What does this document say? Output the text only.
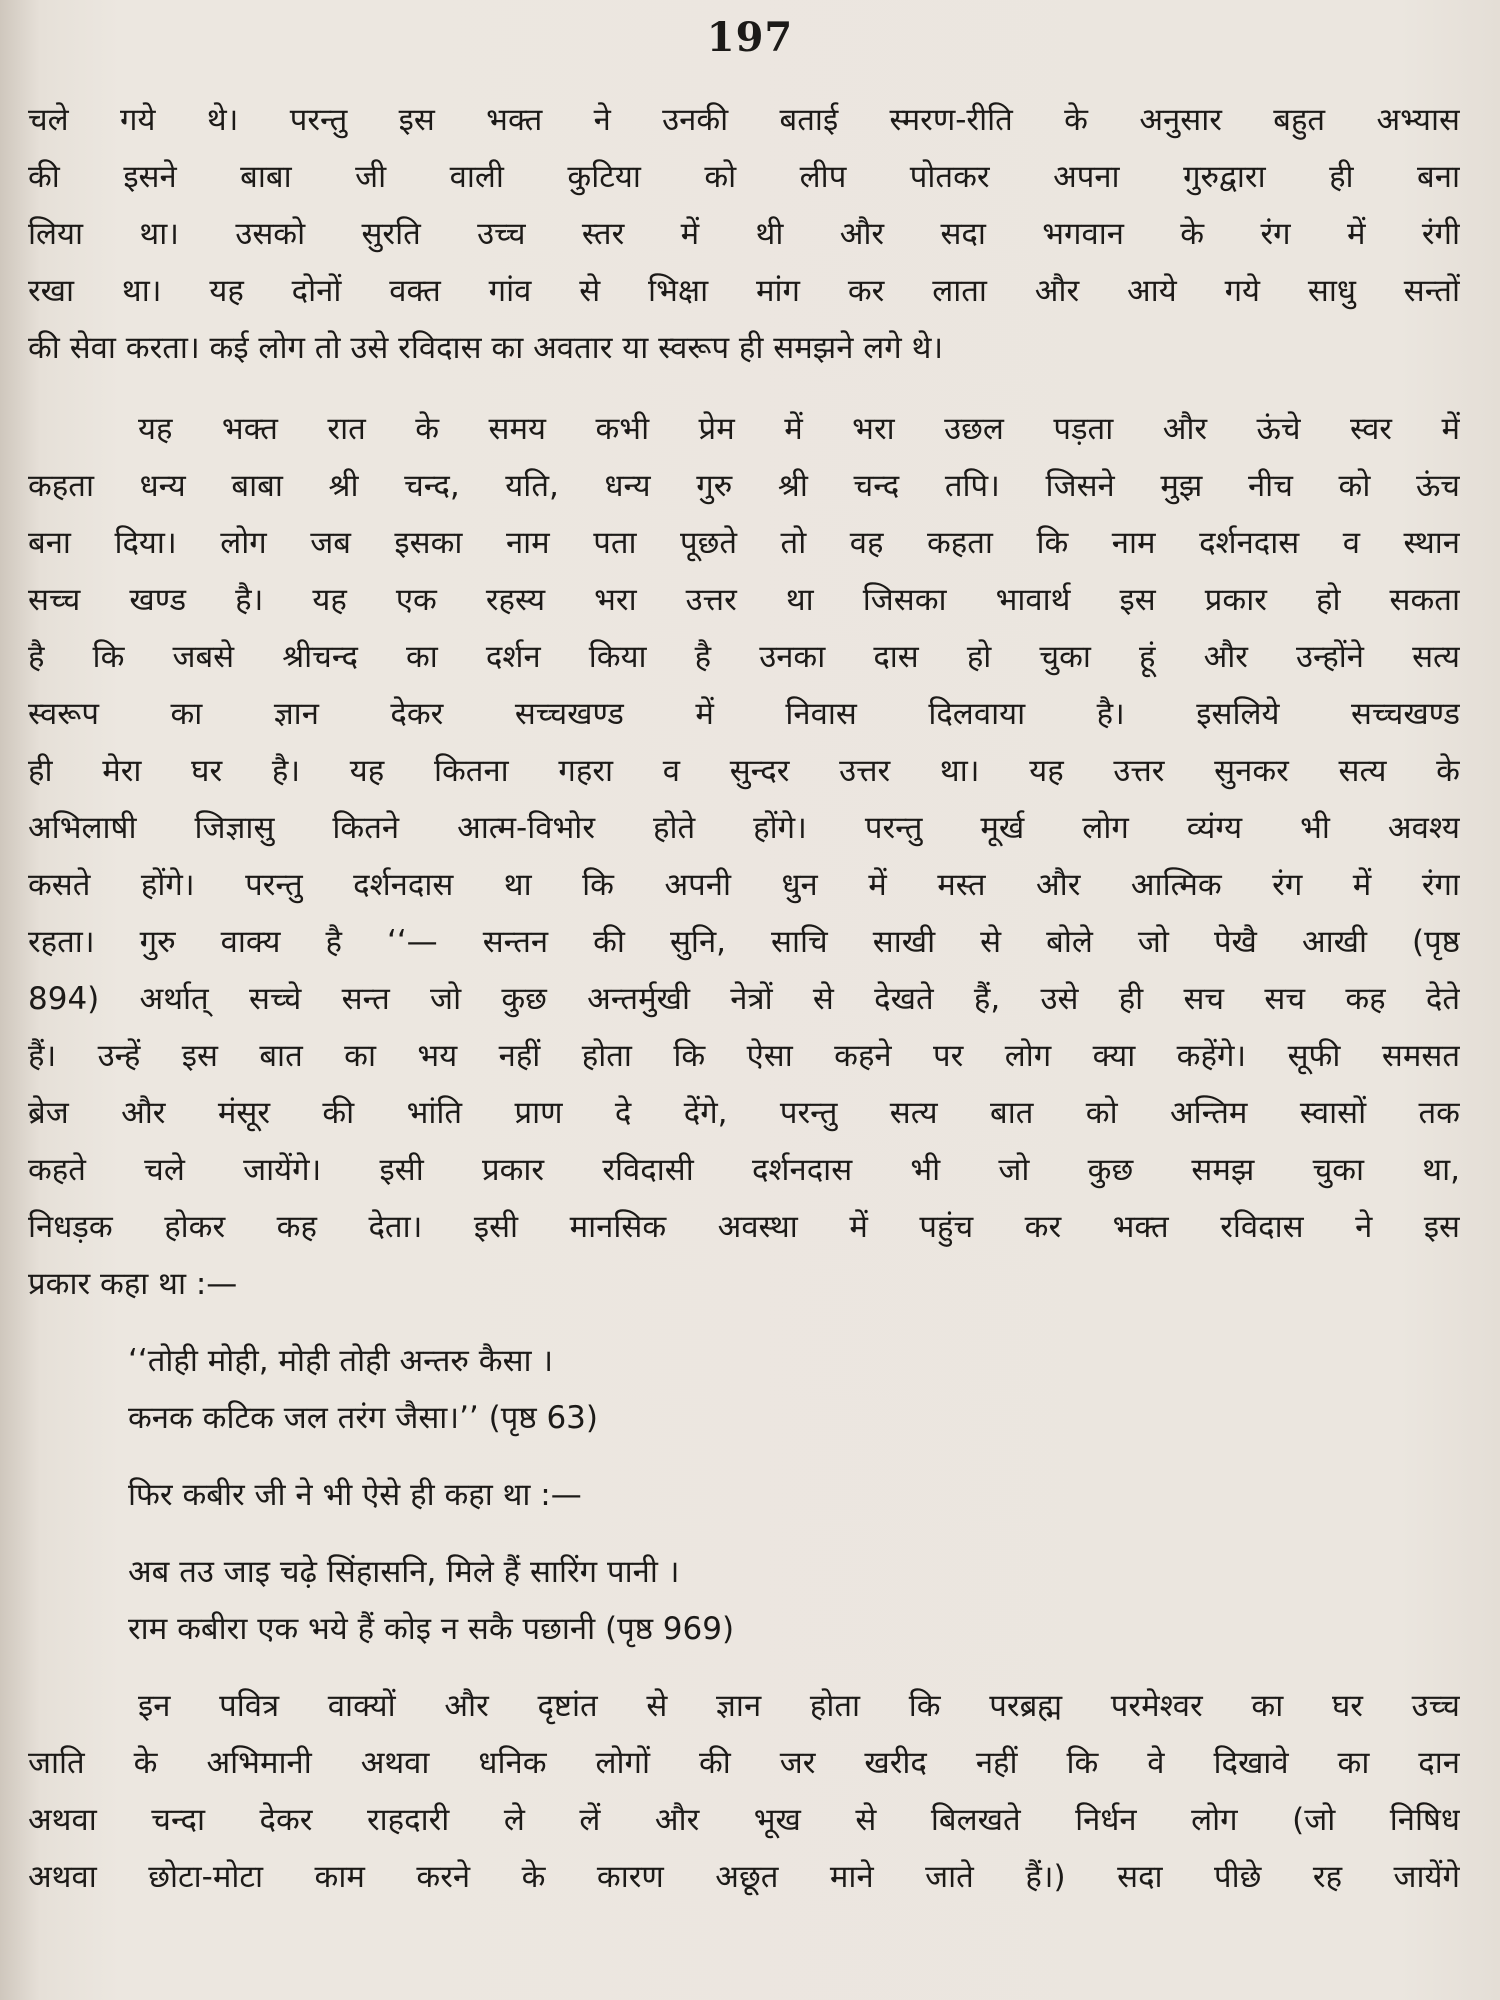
197
चले गये थे। परन्तु इस भक्त ने उनकी बताई स्मरण-रीति के अनुसार बहुत अभ्यास
की इसने बाबा जी वाली कुटिया को लीप पोतकर अपना गुरुद्वारा ही बना
लिया था। उसको सुरति उच्च स्तर में थी और सदा भगवान के रंग में रंगी
रखा था। यह दोनों वक्त गांव से भिक्षा मांग कर लाता और आये गये साधु सन्तों
की सेवा करता। कई लोग तो उसे रविदास का अवतार या स्वरूप ही समझने लगे थे।
यह भक्त रात के समय कभी प्रेम में भरा उछल पड़ता और ऊंचे स्वर में
कहता धन्य बाबा श्री चन्द, यति, धन्य गुरु श्री चन्द तपि। जिसने मुझ नीच को ऊंच
बना दिया। लोग जब इसका नाम पता पूछते तो वह कहता कि नाम दर्शनदास व स्थान
सच्च खण्ड है। यह एक रहस्य भरा उत्तर था जिसका भावार्थ इस प्रकार हो सकता
है कि जबसे श्रीचन्द का दर्शन किया है उनका दास हो चुका हूं और उन्होंने सत्य
स्वरूप का ज्ञान देकर सच्चखण्ड में निवास दिलवाया है। इसलिये सच्चखण्ड
ही मेरा घर है। यह कितना गहरा व सुन्दर उत्तर था। यह उत्तर सुनकर सत्य के
अभिलाषी जिज्ञासु कितने आत्म-विभोर होते होंगे। परन्तु मूर्ख लोग व्यंग्य भी अवश्य
कसते होंगे। परन्तु दर्शनदास था कि अपनी धुन में मस्त और आत्मिक रंग में रंगा
रहता। गुरु वाक्य है ‘‘— सन्तन की सुनि, साचि साखी से बोले जो पेखै आखी (पृष्ठ
894) अर्थात् सच्चे सन्त जो कुछ अन्तर्मुखी नेत्रों से देखते हैं, उसे ही सच सच कह देते
हैं। उन्हें इस बात का भय नहीं होता कि ऐसा कहने पर लोग क्या कहेंगे। सूफी समसत
ब्रेज और मंसूर की भांति प्राण दे देंगे, परन्तु सत्य बात को अन्तिम स्वासों तक
कहते चले जायेंगे। इसी प्रकार रविदासी दर्शनदास भी जो कुछ समझ चुका था,
निधड़क होकर कह देता। इसी मानसिक अवस्था में पहुंच कर भक्त रविदास ने इस
प्रकार कहा था :—
‘‘तोही मोही, मोही तोही अन्तरु कैसा ।
कनक कटिक जल तरंग जैसा।’’ (पृष्ठ 63)
फिर कबीर जी ने भी ऐसे ही कहा था :—
अब तउ जाइ चढ़े सिंहासनि, मिले हैं सारिंग पानी ।
राम कबीरा एक भये हैं कोइ न सकै पछानी (पृष्ठ 969)
इन पवित्र वाक्यों और दृष्टांत से ज्ञान होता कि परब्रह्म परमेश्वर का घर उच्च
जाति के अभिमानी अथवा धनिक लोगों की जर खरीद नहीं कि वे दिखावे का दान
अथवा चन्दा देकर राहदारी ले लें और भूख से बिलखते निर्धन लोग (जो निषिध
अथवा छोटा-मोटा काम करने के कारण अछूत माने जाते हैं।) सदा पीछे रह जायेंगे
